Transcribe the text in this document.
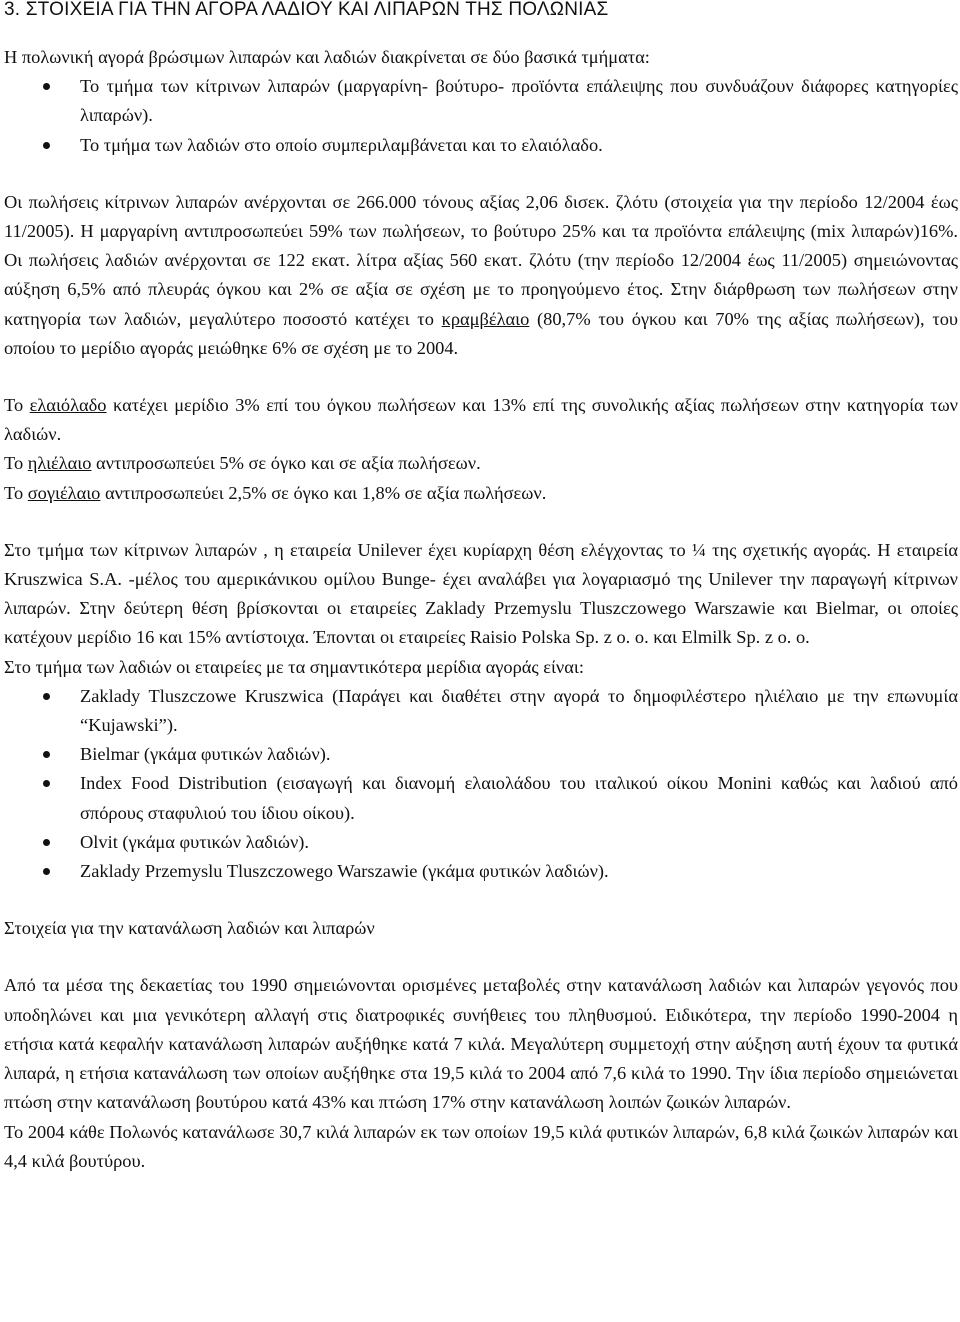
3. ΣΤΟΙΧΕΙΑ ΓΙΑ ΤΗΝ ΑΓΟΡΑ ΛΑΔΙΟΥ ΚΑΙ ΛΙΠΑΡΩΝ ΤΗΣ ΠΟΛΩΝΙΑΣ

Η πολωνική αγορά βρώσιμων λιπαρών και λαδιών διακρίνεται σε δύο βασικά τμήματα:

Το τμήμα των κίτρινων λιπαρών (μαργαρίνη- βούτυρο- προϊόντα επάλειψης που συνδυάζουν διάφορες κατηγορίες λιπαρών).
Το τμήμα των λαδιών στο οποίο συμπεριλαμβάνεται και το ελαιόλαδο.

Οι πωλήσεις κίτρινων λιπαρών ανέρχονται σε 266.000 τόνους αξίας 2,06 δισεκ. ζλότυ (στοιχεία για την περίοδο 12/2004 έως 11/2005). Η μαργαρίνη αντιπροσωπεύει 59% των πωλήσεων, το βούτυρο 25% και τα προϊόντα επάλειψης (mix λιπαρών)16%. Οι πωλήσεις λαδιών ανέρχονται σε 122 εκατ. λίτρα αξίας 560 εκατ. ζλότυ (την περίοδο 12/2004 έως 11/2005) σημειώνοντας αύξηση 6,5% από πλευράς όγκου και 2% σε αξία σε σχέση με το προηγούμενο έτος. Στην διάρθρωση των πωλήσεων στην κατηγορία των λαδιών, μεγαλύτερο ποσοστό κατέχει το κραμβέλαιο (80,7% του όγκου και 70% της αξίας πωλήσεων), του οποίου το μερίδιο αγοράς μειώθηκε 6% σε σχέση με το 2004.

Το ελαιόλαδο κατέχει μερίδιο 3% επί του όγκου πωλήσεων και 13% επί της συνολικής αξίας πωλήσεων στην κατηγορία των λαδιών.

Το ηλιέλαιο αντιπροσωπεύει 5% σε όγκο και σε αξία πωλήσεων.

Το σογιέλαιο αντιπροσωπεύει 2,5% σε όγκο και 1,8% σε αξία πωλήσεων.

Στο τμήμα των κίτρινων λιπαρών , η εταιρεία Unilever έχει κυρίαρχη θέση ελέγχοντας το ¼ της σχετικής αγοράς. Η εταιρεία Kruszwica S.A. -μέλος του αμερικάνικου ομίλου Bunge- έχει αναλάβει για λογαριασμό της Unilever την παραγωγή κίτρινων λιπαρών. Στην δεύτερη θέση βρίσκονται οι εταιρείες Zaklady Przemyslu Tluszczowego Warszawie και Bielmar, οι οποίες κατέχουν μερίδιο 16 και 15% αντίστοιχα. Έπονται οι εταιρείες Raisio Polska Sp. z o. o. και Elmilk Sp. z o. o.

Στο τμήμα των λαδιών οι εταιρείες με τα σημαντικότερα μερίδια αγοράς είναι:

Zaklady Tluszczowe Kruszwica (Παράγει και διαθέτει στην αγορά το δημοφιλέστερο ηλιέλαιο με την επωνυμία “Kujawski”).
Bielmar (γκάμα φυτικών λαδιών).
Index Food Distribution (εισαγωγή και διανομή ελαιολάδου του ιταλικού οίκου Monini καθώς και λαδιού από σπόρους σταφυλιού του ίδιου οίκου).
Olvit (γκάμα φυτικών λαδιών).
Zaklady Przemyslu Tluszczowego Warszawie (γκάμα φυτικών λαδιών).

Στοιχεία για την κατανάλωση λαδιών και λιπαρών

Από τα μέσα της δεκαετίας του 1990 σημειώνονται ορισμένες μεταβολές στην κατανάλωση λαδιών και λιπαρών γεγονός που υποδηλώνει και μια γενικότερη αλλαγή στις διατροφικές συνήθειες του πληθυσμού. Ειδικότερα, την περίοδο 1990-2004 η ετήσια κατά κεφαλήν κατανάλωση λιπαρών αυξήθηκε κατά 7 κιλά. Μεγαλύτερη συμμετοχή στην αύξηση αυτή έχουν τα φυτικά λιπαρά, η ετήσια κατανάλωση των οποίων αυξήθηκε στα 19,5 κιλά το 2004 από 7,6 κιλά το 1990. Την ίδια περίοδο σημειώνεται πτώση στην κατανάλωση βουτύρου κατά 43% και πτώση 17% στην κατανάλωση λοιπών ζωικών λιπαρών.

Το 2004 κάθε Πολωνός κατανάλωσε 30,7 κιλά λιπαρών εκ των οποίων 19,5 κιλά φυτικών λιπαρών, 6,8 κιλά ζωικών λιπαρών και 4,4 κιλά βουτύρου.
